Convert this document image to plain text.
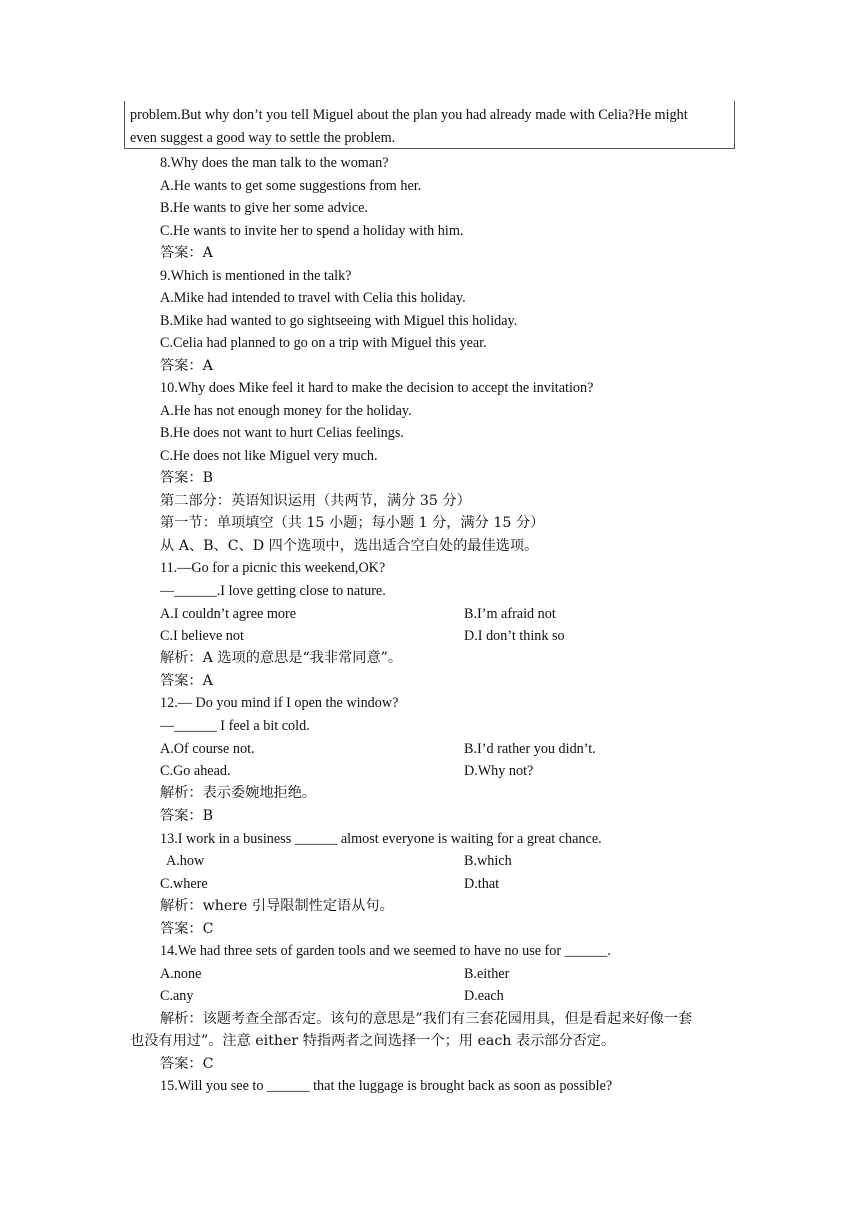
problem.But why don’t you tell Miguel about the plan you had already made with Celia?He might
even suggest a good way to settle the problem.
8.Why does the man talk to the woman?
A.He wants to get some suggestions from her.
B.He wants to give her some advice.
C.He wants to invite her to spend a holiday with him.
答案：A
9.Which is mentioned in the talk?
A.Mike had intended to travel with Celia this holiday.
B.Mike had wanted to go sightseeing with Miguel this holiday.
C.Celia had planned to go on a trip with Miguel this year.
答案：A
10.Why does Mike feel it hard to make the decision to accept the invitation?
A.He has not enough money for the holiday.
B.He does not want to hurt Celias feelings.
C.He does not like Miguel very much.
答案：B
第二部分：英语知识运用（共两节，满分 35 分）
第一节：单项填空（共 15 小题；每小题 1 分，满分 15 分）
从 A、B、C、D 四个选项中，选出适合空白处的最佳选项。
11.—Go for a picnic this weekend,OK?
—______.I love getting close to nature.
A.I couldn’t agree more	B.I’m afraid not
C.I believe not	D.I don’t think so
解析：A 选项的意思是“我非常同意”。
答案：A
12.— Do you mind if I open the window?
—______ I feel a bit cold.
A.Of course not.	B.I’d rather you didn’t.
C.Go ahead.	D.Why not?
解析：表示委婉地拒绝。
答案：B
13.I work in a business ______ almost everyone is waiting for a great chance.
A.how	B.which
C.where	D.that
解析：where 引导限制性定语从句。
答案：C
14.We had three sets of garden tools and we seemed to have no use for ______.
A.none	B.either
C.any	D.each
解析：该题考查全部否定。该句的意思是”我们有三套花园用具，但是看起来好像一套
也没有用过”。注意 either 特指两者之间选择一个；用 each 表示部分否定。
答案：C
15.Will you see to ______ that the luggage is brought back as soon as possible?
